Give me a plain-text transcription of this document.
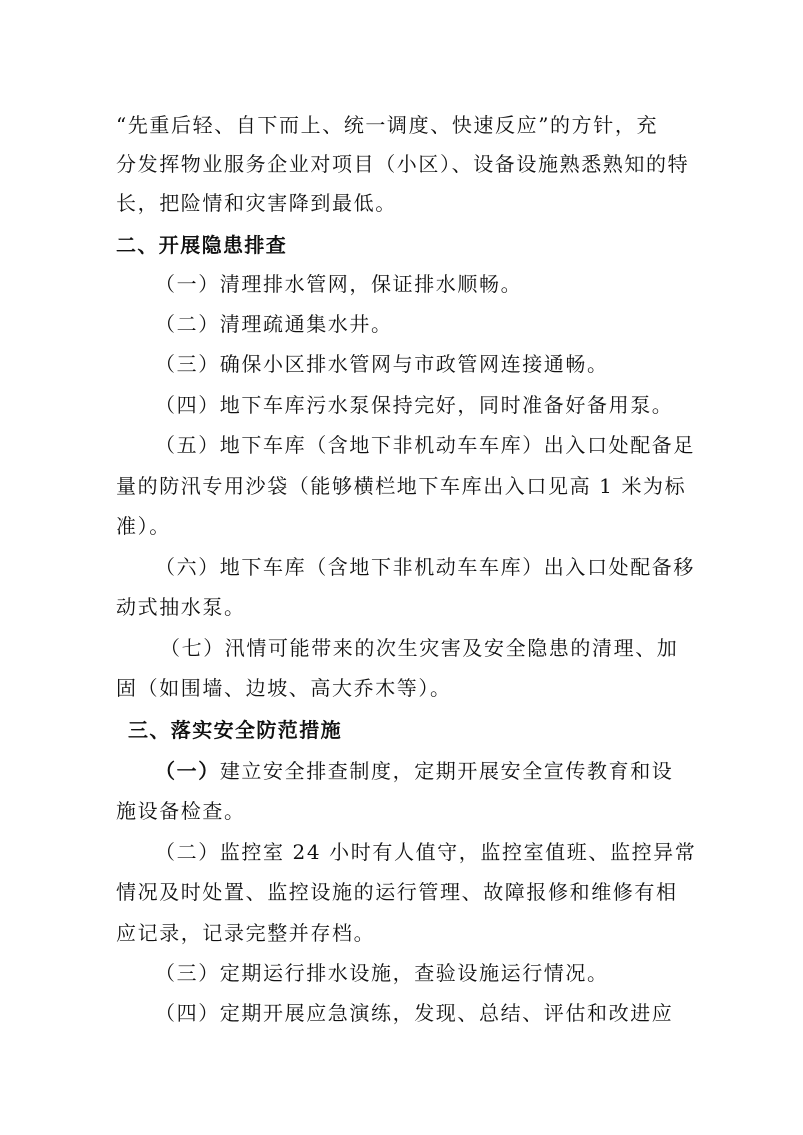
“先重后轻、自下而上、统一调度、快速反应”的方针，充
分发挥物业服务企业对项目（小区）、设备设施熟悉熟知的特
长，把险情和灾害降到最低。
二、开展隐患排查
（一）清理排水管网，保证排水顺畅。
（二）清理疏通集水井。
（三）确保小区排水管网与市政管网连接通畅。
（四）地下车库污水泵保持完好，同时准备好备用泵。
（五）地下车库（含地下非机动车车库）出入口处配备足
量的防汛专用沙袋（能够横栏地下车库出入口见高 1 米为标
准）。
（六）地下车库（含地下非机动车车库）出入口处配备移
动式抽水泵。
（七）汛情可能带来的次生灾害及安全隐患的清理、加
固（如围墙、边坡、高大乔木等）。
三、落实安全防范措施
（一）建立安全排查制度，定期开展安全宣传教育和设
施设备检查。
（二）监控室 24 小时有人值守，监控室值班、监控异常
情况及时处置、监控设施的运行管理、故障报修和维修有相
应记录，记录完整并存档。
（三）定期运行排水设施，查验设施运行情况。
（四）定期开展应急演练，发现、总结、评估和改进应
